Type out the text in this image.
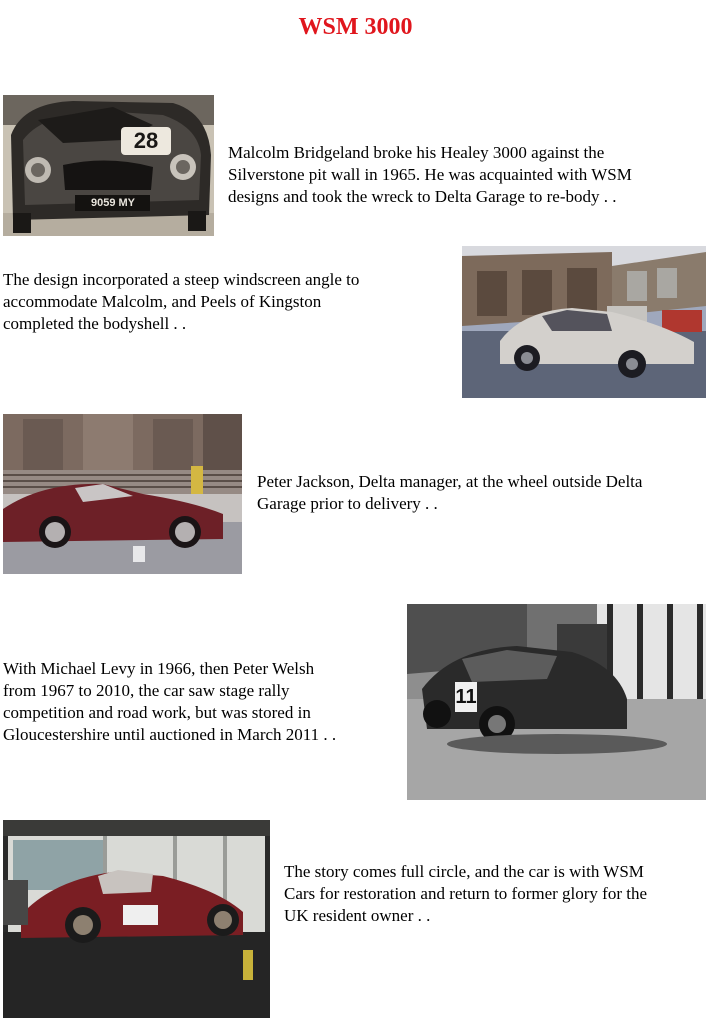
WSM 3000
28
9059 MY
Malcolm Bridgeland broke his Healey 3000 against the
Silverstone pit wall in 1965. He was acquainted with WSM
designs and took the wreck to Delta Garage to re-body . .
The design incorporated a steep windscreen angle to
accommodate Malcolm, and Peels of Kingston
completed the bodyshell . .
Peter Jackson, Delta manager, at the wheel outside Delta
Garage prior to delivery . .
With Michael Levy in 1966, then Peter Welsh
from 1967 to 2010, the car saw stage rally
competition and road work, but was stored in
Gloucestershire until auctioned in March 2011 . .
11
The story comes full circle, and the car is with WSM
Cars for restoration and return to former glory for the
UK resident owner . .
